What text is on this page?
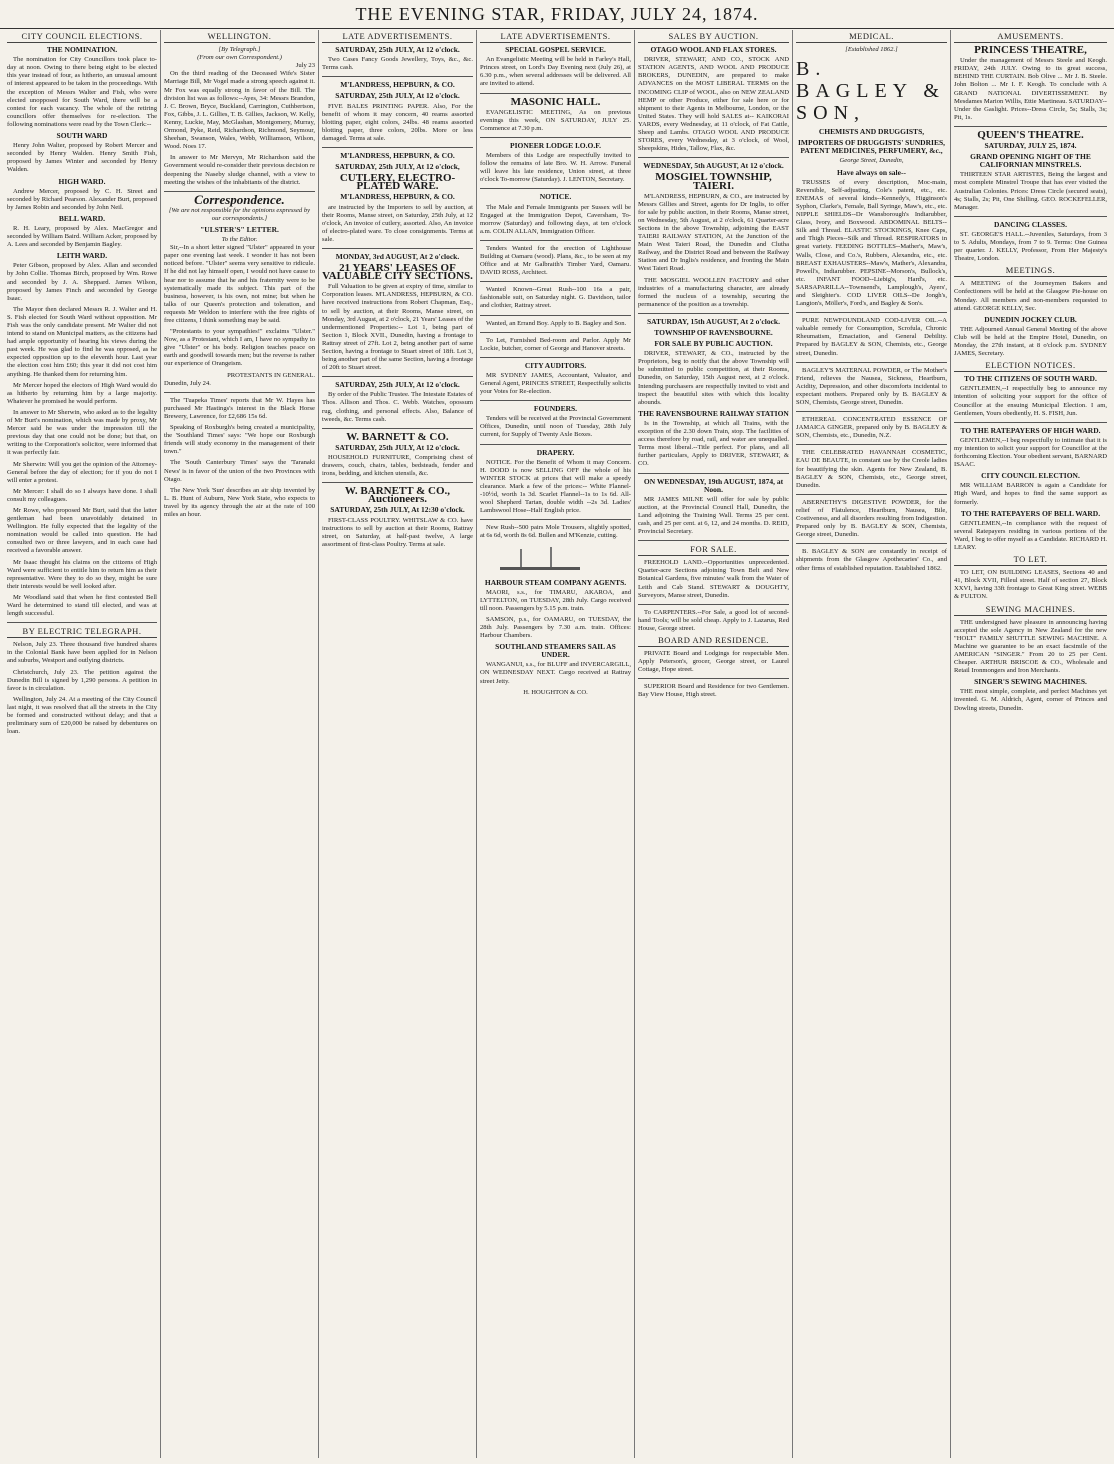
THE EVENING STAR, FRIDAY, JULY 24, 1874.
CITY COUNCIL ELECTIONS.
THE NOMINATION.

The nomination for City Councillors took place to-day at noon. Owing to there being eight to be elected this year instead of four, as hitherto, an unusual amount of interest appeared to be taken in the proceedings. With the exception of Messrs Walter and Fish, who were elected unopposed for South Ward, there will be a contest for each vacancy. The whole of the retiring councillors offer themselves for re-election. The following nominations were read by the Town Clerk:--

SOUTH WARD

Henry John Walter, proposed by Robert Mercer and seconded by Henry Walden. Henry Smith Fish, proposed by James Winter and seconded by Henry Walden.

HIGH WARD.

Andrew Mercer, proposed by C. H. Street and seconded by Richard Pearson. Alexander Burt, proposed by James Robin and seconded by John Neil.

BELL WARD.

R. H. Leary, proposed by Alex. MacGregor and seconded by William Baird. William Acker, proposed by A. Lees and seconded by Benjamin Bagley.

LEITH WARD.

Peter Gibson, proposed by Alex. Allan and seconded by John Collie. Thomas Birch, proposed by Wm. Rowe and seconded by J. A. Sheppard. James Wilson, proposed by James Finch and seconded by George Isaac.

The Mayor then declared Messrs R. J. Walter and H. S. Fish elected for South Ward without opposition. Mr Fish was the only candidate present. Mr Walter did not intend to stand on Municipal matters, as the citizens had had ample opportunity of hearing his views during the past week. He was glad to find he was opposed, as he expected opposition up to the eleventh hour. Last year the election cost him £60; this year it did not cost him anything. He thanked them for returning him.

Mr Mercer hoped the electors of High Ward would do as hitherto by returning him by a large majority. Whatever he promised he would perform.

In answer to Mr Sherwin, who asked as to the legality of Mr Burt's nomination, which was made by proxy, Mr Mercer said he was under the impression till the previous day that one could not be done; but that, on writing to the Corporation's solicitor, were informed that it was perfectly fair.

Mr Sherwin: Will you get the opinion of the Attorney-General before the day of election; for if you do not I will enter a protest.

Mr Mercer: I shall do so I always have done. I shall consult my colleagues.

Mr Rowe, who proposed Mr Burt, said that the latter gentleman had been unavoidably detained in Wellington. He fully expected that the legality of the nomination would be called into question. He had consulted two or three lawyers, and in each case had received a favorable answer.

Mr Isaac thought his claims on the citizens of High Ward were sufficient to entitle him to return him as their representative. Were they to do so they, might be sure their interests would be well looked after.

Mr Woodland said that when he first contested Bell Ward he determined to stand till elected, and was at length successful.

BY ELECTRIC TELEGRAPH.

Nelson, July 23. Three thousand five hundred shares in the Colonial Bank have been applied for in Nelson and suburbs, Westport and outlying districts.

Christchurch, July 23. The petition against the Dunedin Bill is signed by 1,290 persons. A petition in favor is in circulation.

Wellington, July 24. At a meeting of the City Council last night, it was resolved that all the streets in the City be formed and constructed without delay; and that a preliminary sum of £20,000 be raised by debentures on loan.

WELLINGTON.
[By Telegraph.]
(From our own Correspondent.)
July 23

On the third reading of the Deceased Wife's Sister Marriage Bill, Mr Vogel made a strong speech against it. Mr Fox was equally strong in favor of the Bill. The division list was as follows:--Ayes, 34: Messrs Brandon, J. C. Brown, Bryce, Buckland, Carrington, Cuthbertson, Fox, Gibbs, J. L. Gillies, T. B. Gillies, Jackson, W. Kelly, Kenny, Luckie, May, McGlashan, Montgomery, Murray, Ormond, Pyke, Reid, Richardson, Richmond, Seymour, Sheehan, Swanson, Wales, Webb, Williamson, Wilson, Wood. Noes 17.

In answer to Mr Mervyn, Mr Richardson said the Government would re-consider their previous decision re deepening the Naseby sludge channel, with a view to meeting the wishes of the inhabitants of the district.

Correspondence.
[We are not responsible for the opinions expressed by our correspondents.]
"ULSTER'S" LETTER.
To the Editor.

Sir,--In a short letter signed "Ulster" appeared in your paper one evening last week. I wonder it has not been noticed before. "Ulster" seems very sensitive to ridicule. If he did not lay himself open, I would not have cause to hear nor to assume that he and his fraternity were to be systematically made its subject. This part of the business, however, is his own, not mine; but when he talks of our Queen's protection and toleration, and requests Mr Weldon to interfere with the free rights of free citizens, I think something may be said.

"Protestants to your sympathies!" exclaims "Ulster." Now, as a Protestant, which I am, I have no sympathy to give "Ulster" or his body. Religion teaches peace on earth and goodwill towards men; but the reverse is rather our experience of Orangeism.

PROTESTANTS IN GENERAL.
Dunedin, July 24.

The 'Tuapeka Times' reports that Mr W. Hayes has purchased Mr Hastings's interest in the Black Horse Brewery, Lawrence, for £2,686 15s 6d.

Speaking of Roxburgh's being created a municipality, the 'Southland Times' says: "We hope our Roxburgh friends will study economy in the management of their town."

The 'South Canterbury Times' says the 'Taranaki News' is in favor of the union of the two Provinces with Otago.

The New York 'Sun' describes an air ship invented by L. B. Hunt of Auburn, New York State, who expects to travel by its agency through the air at the rate of 100 miles an hour.

LATE ADVERTISEMENTS.
SATURDAY, 25th JULY, At 12 o'clock.

Two Cases Fancy Goods Jewellery, Toys, &c., &c. Terms cash.

M'LANDRESS, HEPBURN, & CO.
SATURDAY, 25th JULY, At 12 o'clock.

FIVE BALES PRINTING PAPER. Also, For the benefit of whom it may concern, 40 reams assorted blotting paper, eight colors, 24lbs. 48 reams assorted blotting paper, three colors, 20lbs. More or less damaged. Terms at sale.

M'LANDRESS, HEPBURN, & CO.
SATURDAY, 25th JULY, At 12 o'clock,
CUTLERY, ELECTRO-PLATED WARE.
M'LANDRESS, HEPBURN, & CO.

are instructed by the Importers to sell by auction, at their Rooms, Manse street, on Saturday, 25th July, at 12 o'clock, An invoice of cutlery, assorted. Also, An invoice of electro-plated ware. To close consignments. Terms at sale.

MONDAY, 3rd AUGUST, At 2 o'clock.
21 YEARS' LEASES OF VALUABLE CITY SECTIONS.

Full Valuation to be given at expiry of time, similar to Corporation leases. M'LANDRESS, HEPBURN, & CO. have received instructions from Robert Chapman, Esq., to sell by auction, at their Rooms, Manse street, on Monday, 3rd August, at 2 o'clock, 21 Years' Leases of the undermentioned Properties:-- Lot 1, being part of Section 1, Block XVII., Dunedin, having a frontage to Rattray street of 27ft. Lot 2, being another part of same Section, having a frontage to Stuart street of 18ft. Lot 3, being another part of the same Section, having a frontage of 20ft to Stuart street.

SATURDAY, 25th JULY, At 12 o'clock.

By order of the Public Trustee. The Intestate Estates of Thos. Allison and Thos. C. Webb. Watches, opossum rug, clothing, and personal effects. Also, Balance of tweeds, &c. Terms cash.

W. BARNETT & CO.
SATURDAY, 25th JULY, At 12 o'clock.

HOUSEHOLD FURNITURE, Comprising chest of drawers, couch, chairs, tables, bedsteads, fender and irons, bedding, and kitchen utensils, &c.

W. BARNETT & CO., Auctioneers.
SATURDAY, 25th JULY, At 12:30 o'clock.

FIRST-CLASS POULTRY. WHITSLAW & CO. have instructions to sell by auction at their Rooms, Rattray street, on Saturday, at half-past twelve, A large assortment of first-class Poultry. Terms at sale.

LATE ADVERTISEMENTS.
SPECIAL GOSPEL SERVICE.

An Evangelistic Meeting will be held in Farley's Hall, Princes street, on Lord's Day Evening next (July 26), at 6.30 p.m., when several addresses will be delivered. All are invited to attend.

MASONIC HALL.

EVANGELISTIC MEETING, As on previous evenings this week, ON SATURDAY, JULY 25. Commence at 7.30 p.m.

PIONEER LODGE I.O.O.F.

Members of this Lodge are respectfully invited to follow the remains of late Bro. W. H. Arrow. Funeral will leave his late residence, Union street, at three o'clock To-morrow (Saturday). J. LENTON, Secretary.

NOTICE.

The Male and Female Immigrants per Sussex will be Engaged at the Immigration Depot, Caversham, To-morrow (Saturday) and following days, at ten o'clock a.m. COLIN ALLAN, Immigration Officer.

Tenders Wanted for the erection of Lighthouse Building at Oamaru (wood). Plans, &c., to be seen at my Office and at Mr Galbraith's Timber Yard, Oamaru. DAVID ROSS, Architect.

Wanted Known--Great Rush--100 16s a pair, fashionable suit, on Saturday night. G. Davidson, tailor and clothier, Rattray street.

Wanted, an Errand Boy. Apply to B. Bagley and Son.

To Let, Furnished Bed-room and Parlor. Apply Mr Lockie, butcher, corner of George and Hanover streets.

CITY AUDITORS.

MR SYDNEY JAMES, Accountant, Valuator, and General Agent, PRINCES STREET, Respectfully solicits your Votes for Re-election.

FOUNDERS.

Tenders will be received at the Provincial Government Offices, Dunedin, until noon of Tuesday, 28th July current, for Supply of Twenty Axle Boxes.

DRAPERY.

NOTICE. For the Benefit of Whom it may Concern. H. DODD is now SELLING OFF the whole of his WINTER STOCK at prices that will make a speedy clearance. Mark a few of the prices:-- White Flannel--10½d, worth 1s 3d. Scarlet Flannel--1s to 1s 6d. All-wool Shepherd Tartan, double width --2s 3d. Ladies' Lambswool Hose--Half English price.

New Rush--500 pairs Mole Trousers, slightly spotted, at 6s 6d, worth 8s 6d. Bullen and M'Kenzie, cutting.

HARBOUR STEAM COMPANY AGENTS.

MAORI, s.s., for TIMARU, AKAROA, and LYTTELTON, on TUESDAY, 28th July. Cargo received till noon. Passengers by 5.15 p.m. train.

SAMSON, p.s., for OAMARU, on TUESDAY, the 28th July. Passengers by 7.30 a.m. train. Offices: Harbour Chambers.

SOUTHLAND STEAMERS SAIL AS UNDER.

WANGANUI, s.s., for BLUFF and INVERCARGILL, ON WEDNESDAY NEXT. Cargo received at Rattray street Jetty.

H. HOUGHTON & CO.
SALES BY AUCTION.
OTAGO WOOL AND FLAX STORES.

DRIVER, STEWART, AND CO., STOCK AND STATION AGENTS, AND WOOL AND PRODUCE BROKERS, DUNEDIN, are prepared to make ADVANCES on the MOST LIBERAL TERMS on the INCOMING CLIP of WOOL, also on NEW ZEALAND HEMP or other Produce, either for sale here or for shipment to their Agents in Melbourne, London, or the United States. They will hold SALES at-- KAIKORAI YARDS, every Wednesday, at 11 o'clock, of Fat Cattle, Sheep and Lambs. OTAGO WOOL AND PRODUCE STORES, every Wednesday, at 3 o'clock, of Wool, Sheepskins, Hides, Tallow, Flax, &c.

WEDNESDAY, 5th AUGUST, At 12 o'clock.
MOSGIEL TOWNSHIP, TAIERI.

M'LANDRESS, HEPBURN, & CO., are instructed by Messrs Gillies and Street, agents for Dr Inglis, to offer for sale by public auction, in their Rooms, Manse street, on Wednesday, 5th August, at 2 o'clock, 61 Quarter-acre Sections in the above Township, adjoining the EAST TAIERI RAILWAY STATION, At the Junction of the Main West Taieri Road, the Dunedin and Clutha Railway, and the District Road and between the Railway Station and Dr Inglis's residence, and fronting the Main West Taieri Road.

THE MOSGIEL WOOLLEN FACTORY and other industries of a manufacturing character, are already formed the nucleus of a township, securing the permanence of the position as a township.

SATURDAY, 15th AUGUST, At 2 o'clock.
TOWNSHIP OF RAVENSBOURNE.
FOR SALE BY PUBLIC AUCTION.

DRIVER, STEWART, & CO., instructed by the Proprietors, beg to notify that the above Township will be submitted to public competition, at their Rooms, Dunedin, on Saturday, 15th August next, at 2 o'clock. Intending purchasers are respectfully invited to visit and inspect the beautiful sites with which this locality abounds.

THE RAVENSBOURNE RAILWAY STATION

Is in the Township, at which all Trains, with the exception of the 2.30 down Train, stop. The facilities of access therefore by road, rail, and water are unequalled. Terms most liberal.--Title perfect. For plans, and all further particulars, Apply to DRIVER, STEWART, & CO.

ON WEDNESDAY, 19th AUGUST, 1874, at Noon.

MR JAMES MILNE will offer for sale by public auction, at the Provincial Council Hall, Dunedin, the Land adjoining the Training Wall. Terms 25 per cent. cash, and 25 per cent. at 6, 12, and 24 months. D. REID, Provincial Secretary.

FOR SALE.

FREEHOLD LAND.--Opportunities unprecedented. Quarter-acre Sections adjoining Town Belt and New Botanical Gardens, five minutes' walk from the Water of Leith and Cab Stand. STEWART & DOUGHTY, Surveyors, Manse street, Dunedin.

To CARPENTERS.--For Sale, a good lot of second-hand Tools; will be sold cheap. Apply to J. Lazarus, Red House, George street.

BOARD AND RESIDENCE.

PRIVATE Board and Lodgings for respectable Men. Apply Peterson's, grocer, George street, or Laurel Cottage, Hope street.

SUPERIOR Board and Residence for two Gentlemen. Bay View House, High street.

MEDICAL.
[Established 1862.]
B. BAGLEY & SON,
CHEMISTS AND DRUGGISTS,
IMPORTERS OF DRUGGISTS' SUNDRIES, PATENT MEDICINES, PERFUMERY, &c.,
George Street, Dunedin,
Have always on sale--

TRUSSES of every description, Moc-main, Reversible, Self-adjusting, Cole's patent, etc., etc. ENEMAS of several kinds--Kennedy's, Higginson's Syphon, Clarke's, Female, Ball Syringe, Maw's, etc., etc. NIPPLE SHIELDS--Dr Wansborough's Indiarubber, Glass, Ivory, and Boxwood. ABDOMINAL BELTS--Silk and Thread. ELASTIC STOCKINGS, Knee Caps, and Thigh Pieces--Silk and Thread. RESPIRATORS in great variety. FEEDING BOTTLES--Mather's, Maw's, Walls, Close, and Co.'s, Rubbers, Alexandra, etc., etc. BREAST EXHAUSTERS--Maw's, Mather's, Alexandra, Powell's, Indiarubber. PEPSINE--Morson's, Bullock's, etc. INFANT FOOD--Liebig's, Hard's, etc. SARSAPARILLA--Townsend's, Lamplough's, Ayers', and Sleighter's. COD LIVER OILS--De Jongh's, Langton's, Möller's, Ford's, and Bagley & Son's.

PURE NEWFOUNDLAND COD-LIVER OIL.--A valuable remedy for Consumption, Scrofula, Chronic Rheumatism, Emaciation, and General Debility. Prepared by BAGLEY & SON, Chemists, etc., George street, Dunedin.

BAGLEY'S MATERNAL POWDER, or The Mother's Friend, relieves the Nausea, Sickness, Heartburn, Acidity, Depression, and other discomforts incidental to expectant mothers. Prepared only by B. BAGLEY & SON, Chemists, George street, Dunedin.

ETHEREAL CONCENTRATED ESSENCE OF JAMAICA GINGER, prepared only by B. BAGLEY & SON, Chemists, etc., Dunedin, N.Z.

THE CELEBRATED HAVANNAH COSMETIC, EAU DE BEAUTE, in constant use by the Creole ladies for beautifying the skin. Agents for New Zealand, B. BAGLEY & SON, Chemists, etc., George street, Dunedin.

ABERNETHY'S DIGESTIVE POWDER, for the relief of Flatulence, Heartburn, Nausea, Bile, Costiveness, and all disorders resulting from Indigestion. Prepared only by B. BAGLEY & SON, Chemists, George street, Dunedin.

B. BAGLEY & SON are constantly in receipt of shipments from the Glasgow Apothecaries' Co., and other firms of established reputation. Established 1862.

AMUSEMENTS.
PRINCESS THEATRE,

Under the management of Messrs Steele and Keogh. FRIDAY, 24th JULY. Owing to its great success, BEHIND THE CURTAIN. Bob Olive ... Mr J. B. Steele. John Bolton ... Mr I. F. Keogh. To conclude with A GRAND NATIONAL DIVERTISSEMENT. By Mesdames Marion Willis, Ettie Martineau. SATURDAY--Under the Gaslight. Prices--Dress Circle, 5s; Stalls, 3s; Pit, 1s.

QUEEN'S THEATRE.
SATURDAY, JULY 25, 1874.
GRAND OPENING NIGHT OF THE CALIFORNIAN MINSTRELS.

THIRTEEN STAR ARTISTES, Being the largest and most complete Minstrel Troupe that has ever visited the Australian Colonies. Prices: Dress Circle (secured seats), 4s; Stalls, 2s; Pit, One Shilling. GEO. ROCKEFELLER, Manager.

DANCING CLASSES.

ST. GEORGE'S HALL.--Juveniles, Saturdays, from 3 to 5. Adults, Mondays, from 7 to 9. Terms: One Guinea per quarter. J. KELLY, Professor, From Her Majesty's Theatre, London.

MEETINGS.

A MEETING of the Journeymen Bakers and Confectioners will be held at the Glasgow Pie-house on Monday. All members and non-members requested to attend. GEORGE KELLY, Sec.

DUNEDIN JOCKEY CLUB.

THE Adjourned Annual General Meeting of the above Club will be held at the Empire Hotel, Dunedin, on Monday, the 27th instant, at 8 o'clock p.m. SYDNEY JAMES, Secretary.

ELECTION NOTICES.
TO THE CITIZENS OF SOUTH WARD.

GENTLEMEN,--I respectfully beg to announce my intention of soliciting your support for the office of Councillor at the ensuing Municipal Election. I am, Gentlemen, Yours obediently, H. S. FISH, Jun.

TO THE RATEPAYERS OF HIGH WARD.

GENTLEMEN,--I beg respectfully to intimate that it is my intention to solicit your support for Councillor at the forthcoming Election. Your obedient servant, BARNARD ISAAC.

CITY COUNCIL ELECTION.

MR WILLIAM BARRON is again a Candidate for High Ward, and hopes to find the same support as formerly.

TO THE RATEPAYERS OF BELL WARD.

GENTLEMEN,--In compliance with the request of several Ratepayers residing in various portions of the Ward, I beg to offer myself as a Candidate. RICHARD H. LEARY.

TO LET.

TO LET, ON BUILDING LEASES, Sections 40 and 41, Block XVII, Filleul street. Half of section 27, Block XXVI, having 33ft frontage to Great King street. WEBB & FULTON.

SEWING MACHINES.

THE undersigned have pleasure in announcing having accepted the sole Agency in New Zealand for the new "HOLT" FAMILY SHUTTLE SEWING MACHINE. A Machine we guarantee to be an exact facsimile of the AMERICAN "SINGER." From 20 to 25 per Cent. Cheaper. ARTHUR BRISCOE & CO., Wholesale and Retail Ironmongers and Iron Merchants.

SINGER'S SEWING MACHINES.

THE most simple, complete, and perfect Machines yet invented. G. M. Aldrich, Agent, corner of Princes and Dowling streets, Dunedin.
